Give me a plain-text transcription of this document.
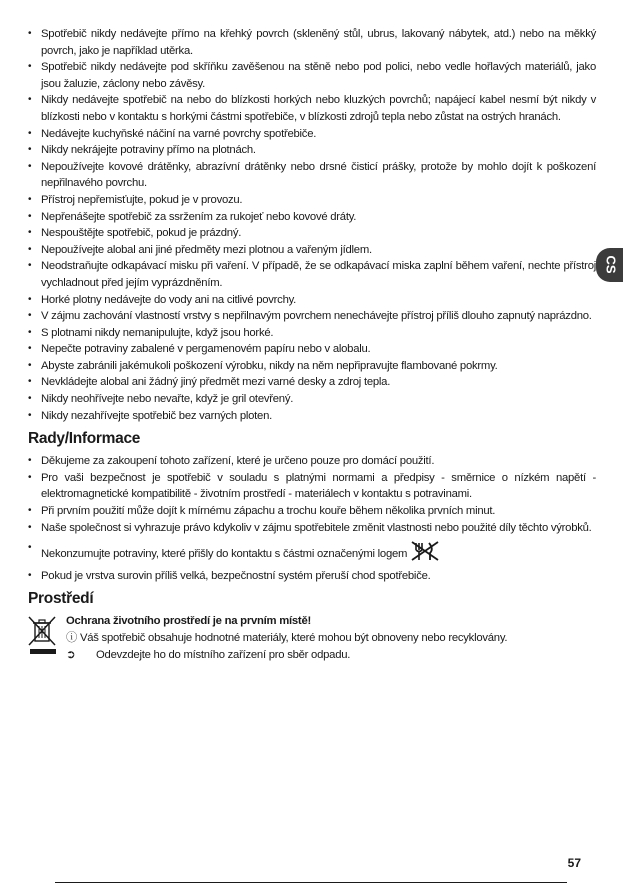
• Spotřebič nikdy nedávejte přímo na křehký povrch (skleněný stůl, ubrus, lakovaný nábytek, atd.) nebo na měkký povrch, jako je například utěrka.
• Spotřebič nikdy nedávejte pod skříňku zavěšenou na stěně nebo pod polici, nebo vedle hořlavých materiálů, jako jsou žaluzie, záclony nebo závěsy.
• Nikdy nedávejte spotřebič na nebo do blízkosti horkých nebo kluzkých povrchů; napájecí kabel nesmí být nikdy v blízkosti nebo v kontaktu s horkými částmi spotřebiče, v blízkosti zdrojů tepla nebo zůstat na ostrých hranách.
• Nedávejte kuchyňské náčiní na varné povrchy spotřebiče.
• Nikdy nekrájejte potraviny přímo na plotnách.
• Nepoužívejte kovové drátěnky, abrazívní drátěnky nebo drsné čisticí prášky, protože by mohlo dojít k poškození nepřilnavého povrchu.
• Přístroj nepřemisťujte, pokud je v provozu.
• Nepřenášejte spotřebič za ssržením za rukojeť nebo kovové dráty.
• Nespouštějte spotřebič, pokud je prázdný.
• Nepoužívejte alobal ani jiné předměty mezi plotnou a vařeným jídlem.
• Neodstraňujte odkapávací misku při vaření. V případě, že se odkapávací miska zaplní během vaření, nechte přístroj vychladnout před jejím vyprázdněním.
• Horké plotny nedávejte do vody ani na citlivé povrchy.
• V zájmu zachování vlastností vrstvy s nepřilnavým povrchem nenechávejte přístroj příliš dlouho zapnutý naprázdno.
• S plotnami nikdy nemanipulujte, když jsou horké.
• Nepečte potraviny zabalené v pergamenovém papíru nebo v alobalu.
• Abyste zabránili jakémukoli poškození výrobku, nikdy na něm nepřipravujte flambované pokrmy.
• Nevkládejte alobal ani žádný jiný předmět mezi varné desky a zdroj tepla.
• Nikdy neohřívejte nebo nevařte, když je gril otevřený.
• Nikdy nezahřívejte spotřebič bez varných ploten.
Rady/Informace
• Děkujeme za zakoupení tohoto zařízení, které je určeno pouze pro domácí použití.
• Pro vaši bezpečnost je spotřebič v souladu s platnými normami a předpisy - směrnice o nízkém napětí - elektromagnetické kompatibilitě - životním prostředí - materiálech v kontaktu s potravinami.
• Při prvním použití může dojít k mírnému zápachu a trochu kouře během několika prvních minut.
• Naše společnost si vyhrazuje právo kdykoliv v zájmu spotřebitele změnit vlastnosti nebo použité díly těchto výrobků.
• Nekonzumujte potraviny, které přišly do kontaktu s částmi označenými logem
• Pokud je vrstva surovin příliš velká, bezpečnostní systém přeruší chod spotřebiče.
Prostředí
Ochrana životního prostředí je na prvním místě!
ⓘ Váš spotřebič obsahuje hodnotné materiály, které mohou být obnoveny nebo recyklovány.
➲ Odevzdejte ho do místního zařízení pro sběr odpadu.
CS
57
